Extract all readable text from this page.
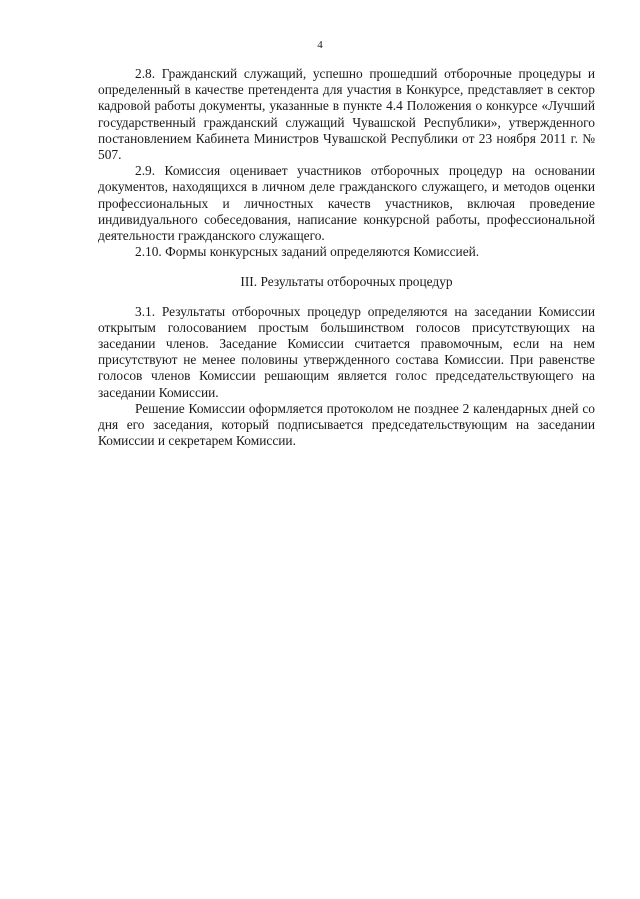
4

2.8. Гражданский служащий, успешно прошедший отборочные процедуры и определенный в качестве претендента для участия в Конкурсе, представляет в сектор кадровой работы документы, указанные в пункте 4.4 Положения о конкурсе «Лучший государственный гражданский служащий Чувашской Республики», утвержденного постановлением Кабинета Министров Чувашской Республики от 23 ноября 2011 г. № 507.

2.9. Комиссия оценивает участников отборочных процедур на основании документов, находящихся в личном деле гражданского служащего, и методов оценки профессиональных и личностных качеств участников, включая проведение индивидуального собеседования, написание конкурсной работы, профессиональной деятельности гражданского служащего.

2.10. Формы конкурсных заданий определяются Комиссией.

III. Результаты отборочных процедур

3.1. Результаты отборочных процедур определяются на заседании Комиссии открытым голосованием простым большинством голосов присутствующих на заседании членов. Заседание Комиссии считается правомочным, если на нем присутствуют не менее половины утвержденного состава Комиссии. При равенстве голосов членов Комиссии решающим является голос председательствующего на заседании Комиссии.

Решение Комиссии оформляется протоколом не позднее 2 календарных дней со дня его заседания, который подписывается председательствующим на заседании Комиссии и секретарем Комиссии.
